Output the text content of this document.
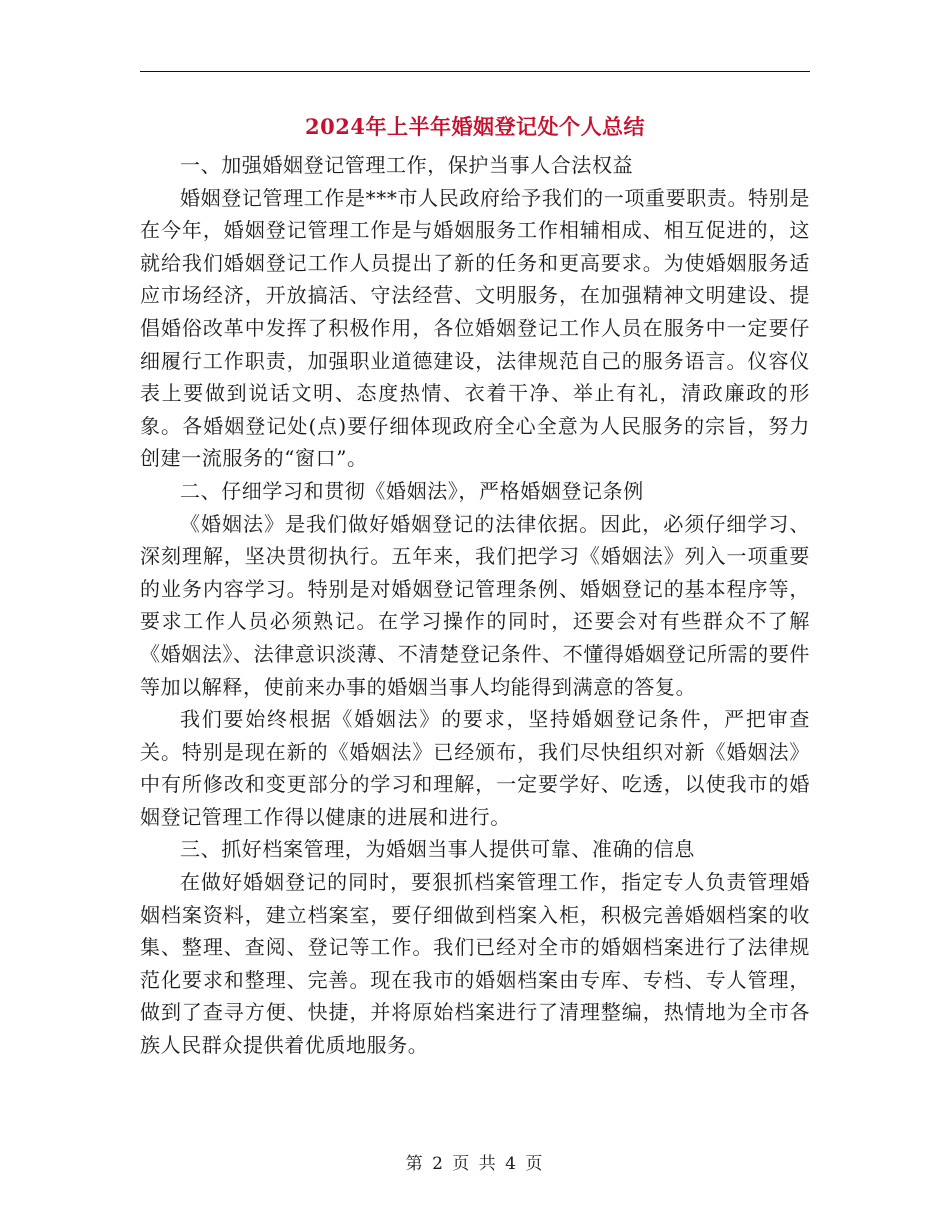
2024年上半年婚姻登记处个人总结

一、加强婚姻登记管理工作，保护当事人合法权益

婚姻登记管理工作是***市人民政府给予我们的一项重要职责。特别是在今年，婚姻登记管理工作是与婚姻服务工作相辅相成、相互促进的，这就给我们婚姻登记工作人员提出了新的任务和更高要求。为使婚姻服务适应市场经济，开放搞活、守法经营、文明服务，在加强精神文明建设、提倡婚俗改革中发挥了积极作用，各位婚姻登记工作人员在服务中一定要仔细履行工作职责，加强职业道德建设，法律规范自己的服务语言。仪容仪表上要做到说话文明、态度热情、衣着干净、举止有礼，清政廉政的形象。各婚姻登记处(点)要仔细体现政府全心全意为人民服务的宗旨，努力创建一流服务的“窗口”。

二、仔细学习和贯彻《婚姻法》，严格婚姻登记条例

《婚姻法》是我们做好婚姻登记的法律依据。因此，必须仔细学习、深刻理解，坚决贯彻执行。五年来，我们把学习《婚姻法》列入一项重要的业务内容学习。特别是对婚姻登记管理条例、婚姻登记的基本程序等，要求工作人员必须熟记。在学习操作的同时，还要会对有些群众不了解《婚姻法》、法律意识淡薄、不清楚登记条件、不懂得婚姻登记所需的要件等加以解释，使前来办事的婚姻当事人均能得到满意的答复。

我们要始终根据《婚姻法》的要求，坚持婚姻登记条件，严把审查关。特别是现在新的《婚姻法》已经颁布，我们尽快组织对新《婚姻法》中有所修改和变更部分的学习和理解，一定要学好、吃透，以使我市的婚姻登记管理工作得以健康的进展和进行。

三、抓好档案管理，为婚姻当事人提供可靠、准确的信息

在做好婚姻登记的同时，要狠抓档案管理工作，指定专人负责管理婚姻档案资料，建立档案室，要仔细做到档案入柜，积极完善婚姻档案的收集、整理、查阅、登记等工作。我们已经对全市的婚姻档案进行了法律规范化要求和整理、完善。现在我市的婚姻档案由专库、专档、专人管理，做到了查寻方便、快捷，并将原始档案进行了清理整编，热情地为全市各族人民群众提供着优质地服务。

第 2 页 共 4 页
